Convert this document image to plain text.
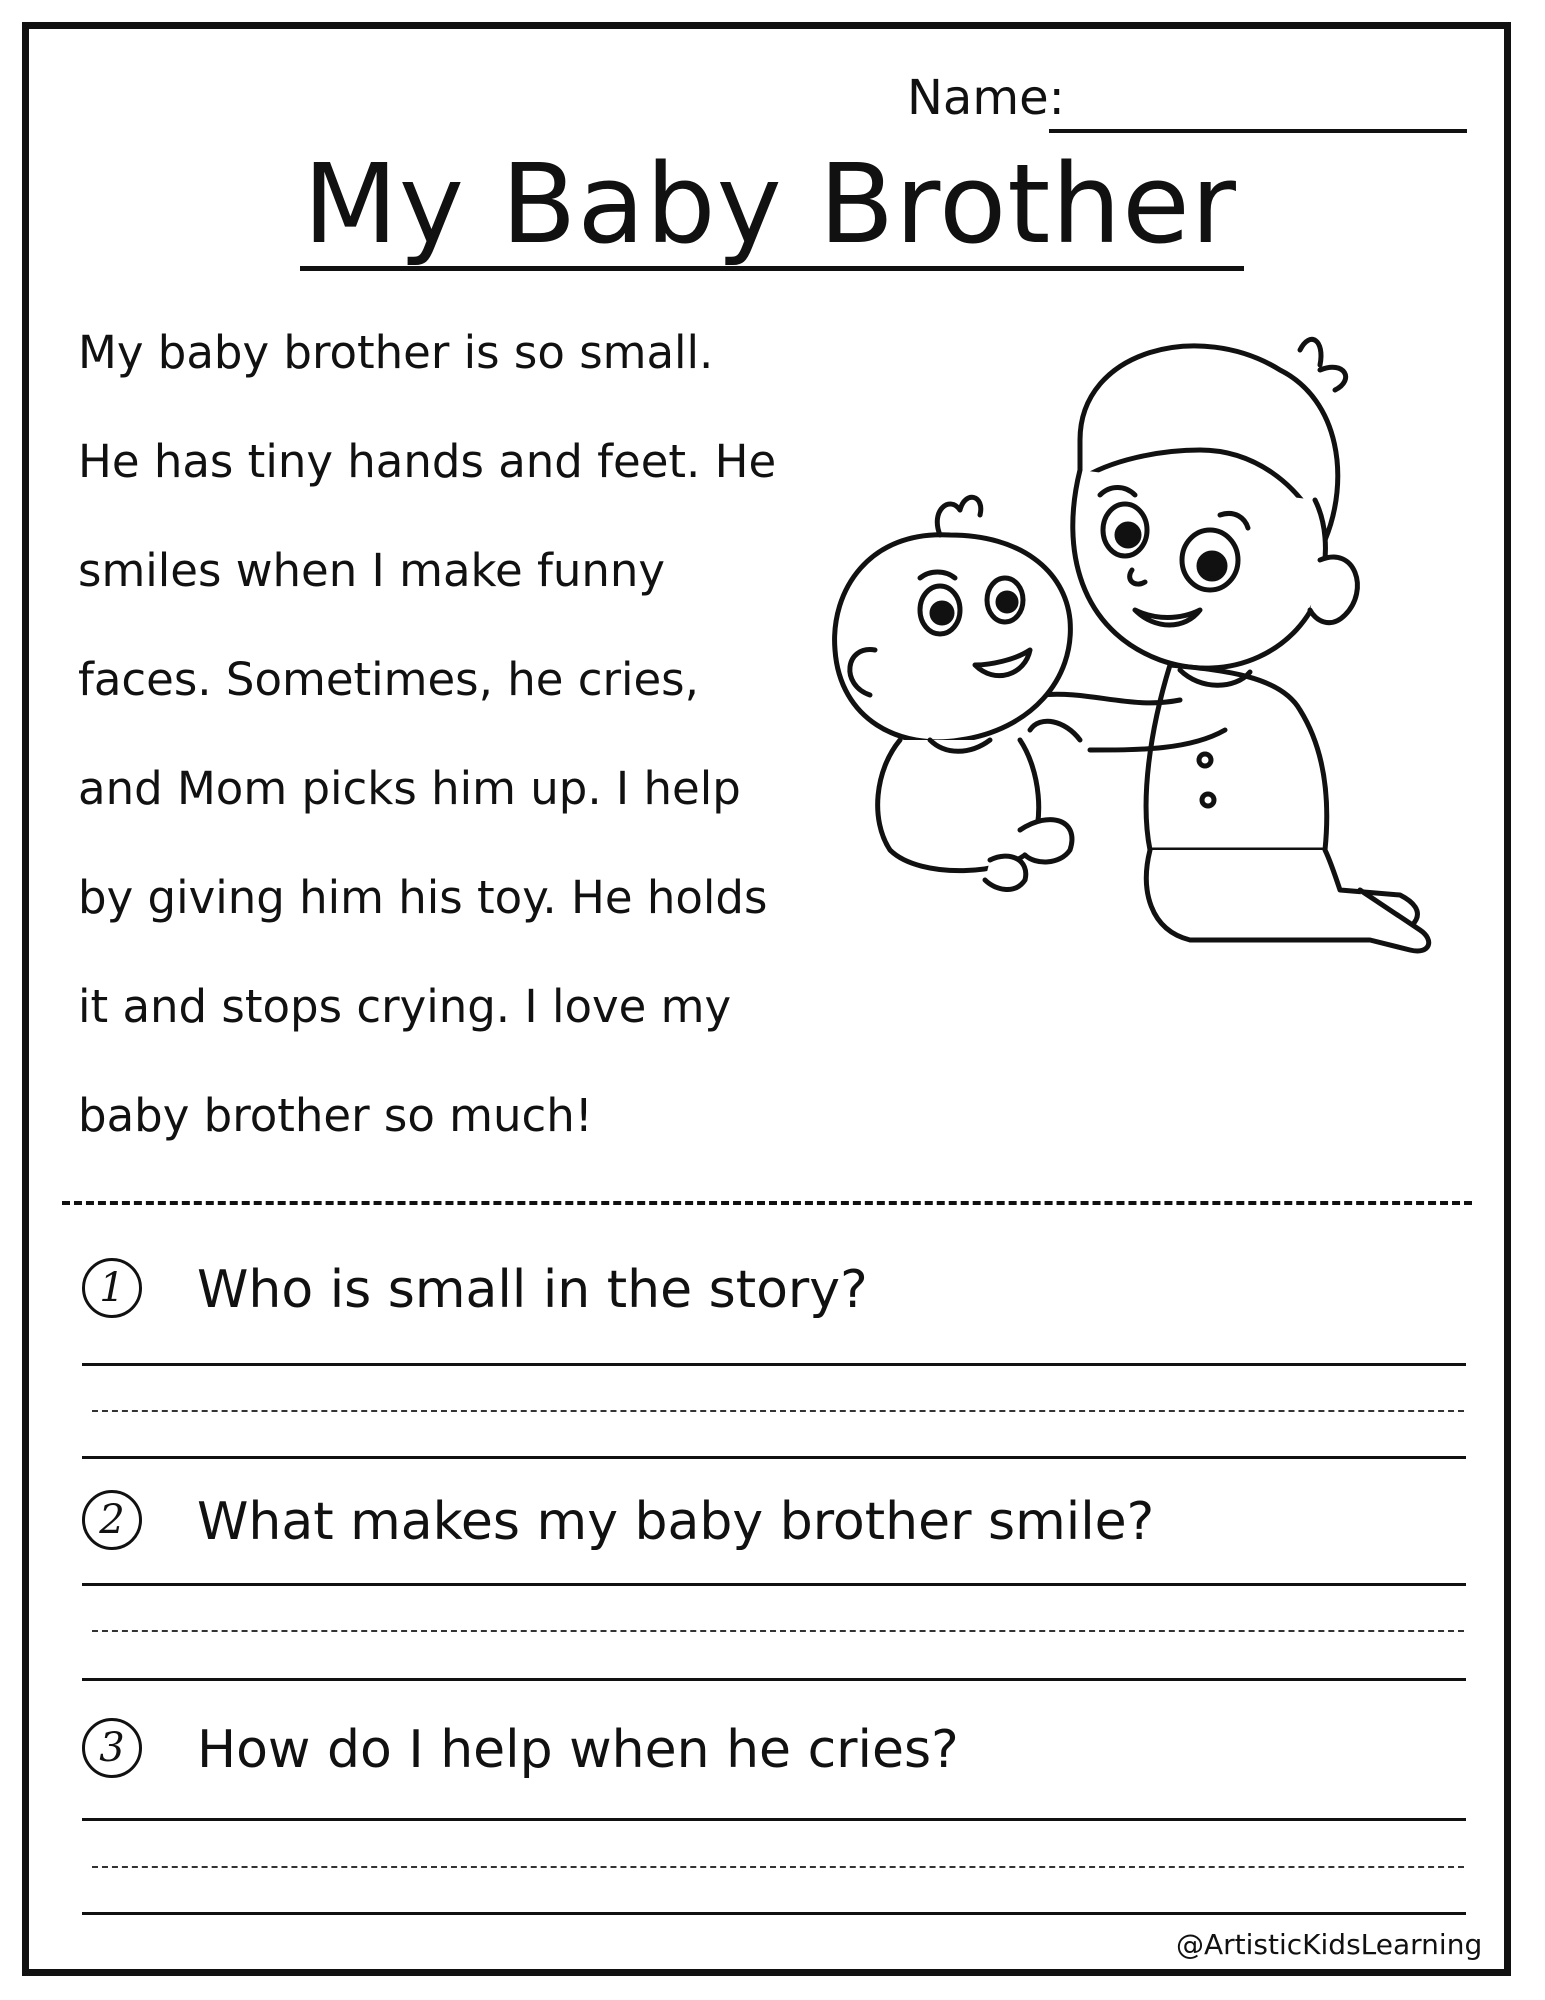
Name:
My Baby Brother

My baby brother is so small.

He has tiny hands and feet. He

smiles when I make funny

faces. Sometimes, he cries,

and Mom picks him up. I help

by giving him his toy. He holds

it and stops crying. I love my

baby brother so much!

1	Who is small in the story?
2	What makes my baby brother smile?
3	How do I help when he cries?
@ArtisticKidsLearning
